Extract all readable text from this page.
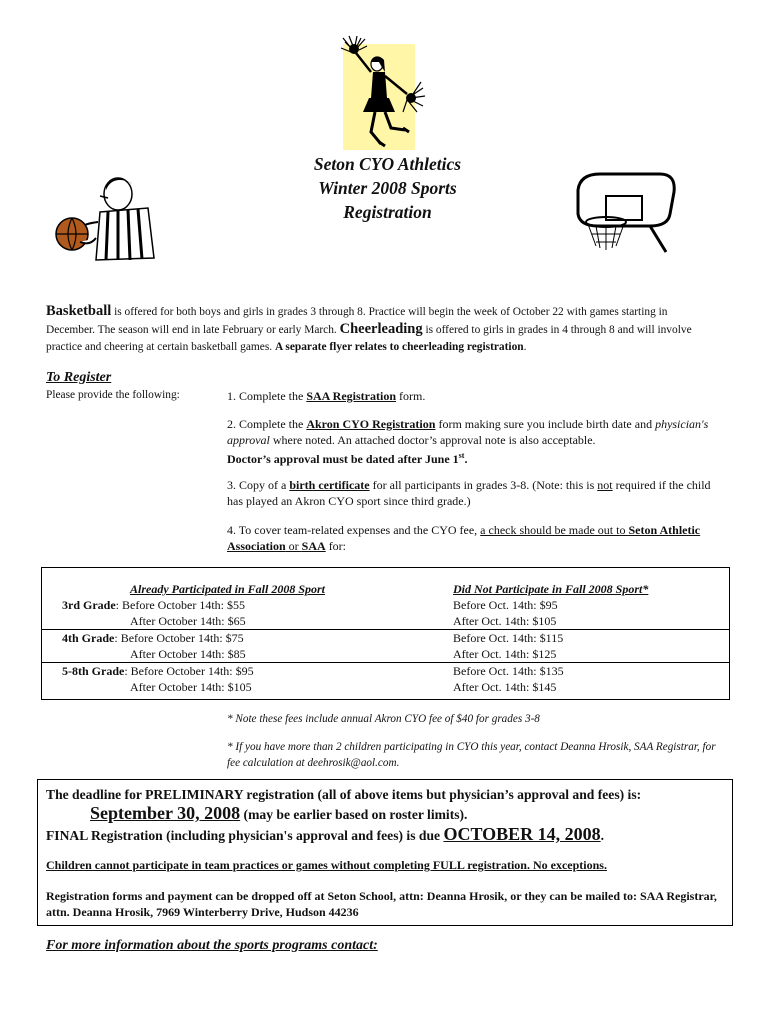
Seton CYO Athletics
Winter 2008 Sports
Registration
Basketball is offered for both boys and girls in grades 3 through 8. Practice will begin the week of October 22 with games starting in December. The season will end in late February or early March. Cheerleading is offered to girls in grades in 4 through 8 and will involve practice and cheering at certain basketball games. A separate flyer relates to cheerleading registration.
To Register
Please provide the following:	1. Complete the SAA Registration form.
2. Complete the Akron CYO Registration form making sure you include birth date and physician's approval where noted. An attached doctor’s approval note is also acceptable.
Doctor’s approval must be dated after June 1st.
3. Copy of a birth certificate for all participants in grades 3-8. (Note: this is not required if the child has played an Akron CYO sport since third grade.)
4. To cover team-related expenses and the CYO fee, a check should be made out to Seton Athletic Association or SAA for:
Already Participated in Fall 2008 Sport	Did Not Participate in Fall 2008 Sport*
3rd Grade: Before October 14th: $55
After October 14th: $65
Before Oct. 14th: $95
After Oct. 14th: $105
4th Grade: Before October 14th: $75
After October 14th: $85
Before Oct. 14th: $115
After Oct. 14th: $125
5-8th Grade: Before October 14th: $95
After October 14th: $105
Before Oct. 14th: $135
After Oct. 14th: $145
* Note these fees include annual Akron CYO fee of $40 for grades 3-8
* If you have more than 2 children participating in CYO this year, contact Deanna Hrosik, SAA Registrar, for fee calculation at deehrosik@aol.com.
The deadline for PRELIMINARY registration (all of above items but physician’s approval and fees) is:
September 30, 2008 (may be earlier based on roster limits).
FINAL Registration (including physician's approval and fees) is due OCTOBER 14, 2008.
Children cannot participate in team practices or games without completing FULL registration. No exceptions.
Registration forms and payment can be dropped off at Seton School, attn: Deanna Hrosik, or they can be mailed to: SAA Registrar, attn. Deanna Hrosik, 7969 Winterberry Drive, Hudson 44236
For more information about the sports programs contact:
